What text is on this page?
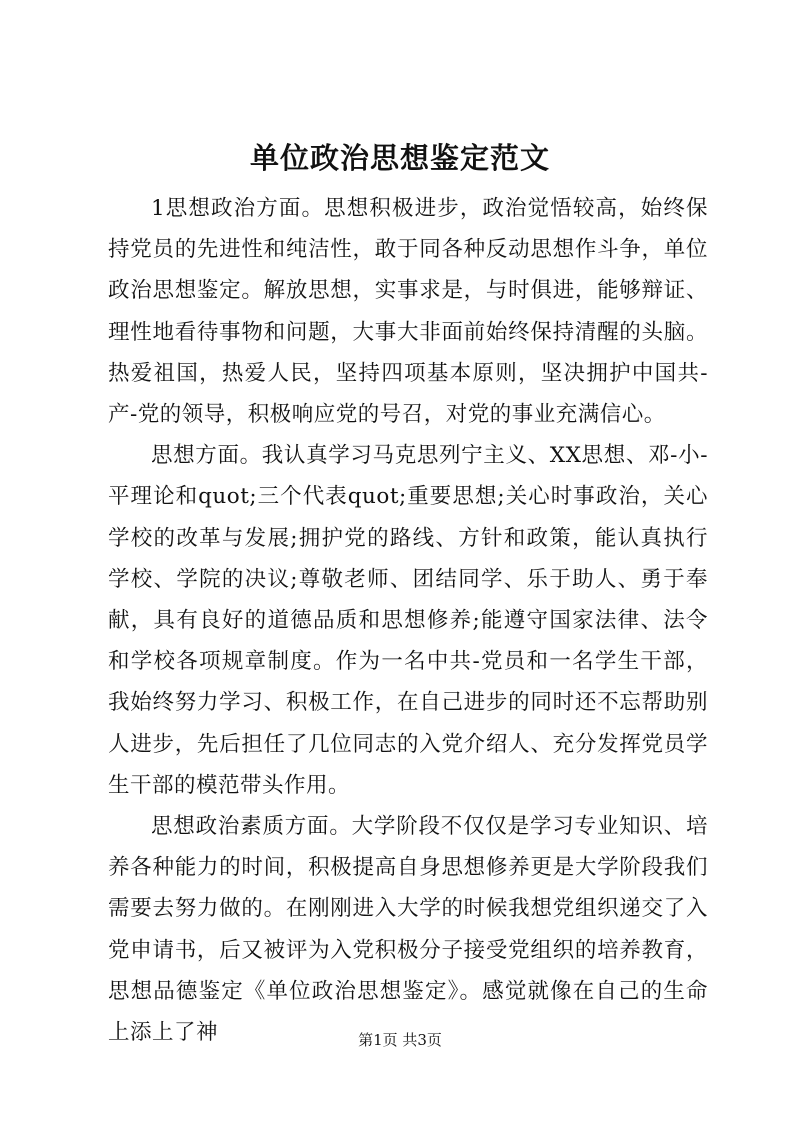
单位政治思想鉴定范文

1思想政治方面。思想积极进步，政治觉悟较高，始终保持党员的先进性和纯洁性，敢于同各种反动思想作斗争，单位政治思想鉴定。解放思想，实事求是，与时俱进，能够辩证、理性地看待事物和问题，大事大非面前始终保持清醒的头脑。热爱祖国，热爱人民，坚持四项基本原则，坚决拥护中国共-产-党的领导，积极响应党的号召，对党的事业充满信心。

思想方面。我认真学习马克思列宁主义、XX思想、邓-小-平理论和quot;三个代表quot;重要思想;关心时事政治，关心学校的改革与发展;拥护党的路线、方针和政策，能认真执行学校、学院的决议;尊敬老师、团结同学、乐于助人、勇于奉献，具有良好的道德品质和思想修养;能遵守国家法律、法令和学校各项规章制度。作为一名中共-党员和一名学生干部，我始终努力学习、积极工作，在自己进步的同时还不忘帮助别人进步，先后担任了几位同志的入党介绍人、充分发挥党员学生干部的模范带头作用。

思想政治素质方面。大学阶段不仅仅是学习专业知识、培养各种能力的时间，积极提高自身思想修养更是大学阶段我们需要去努力做的。在刚刚进入大学的时候我想党组织递交了入党申请书，后又被评为入党积极分子接受党组织的培养教育，思想品德鉴定《单位政治思想鉴定》。感觉就像在自己的生命上添上了神	第1页 共3页
